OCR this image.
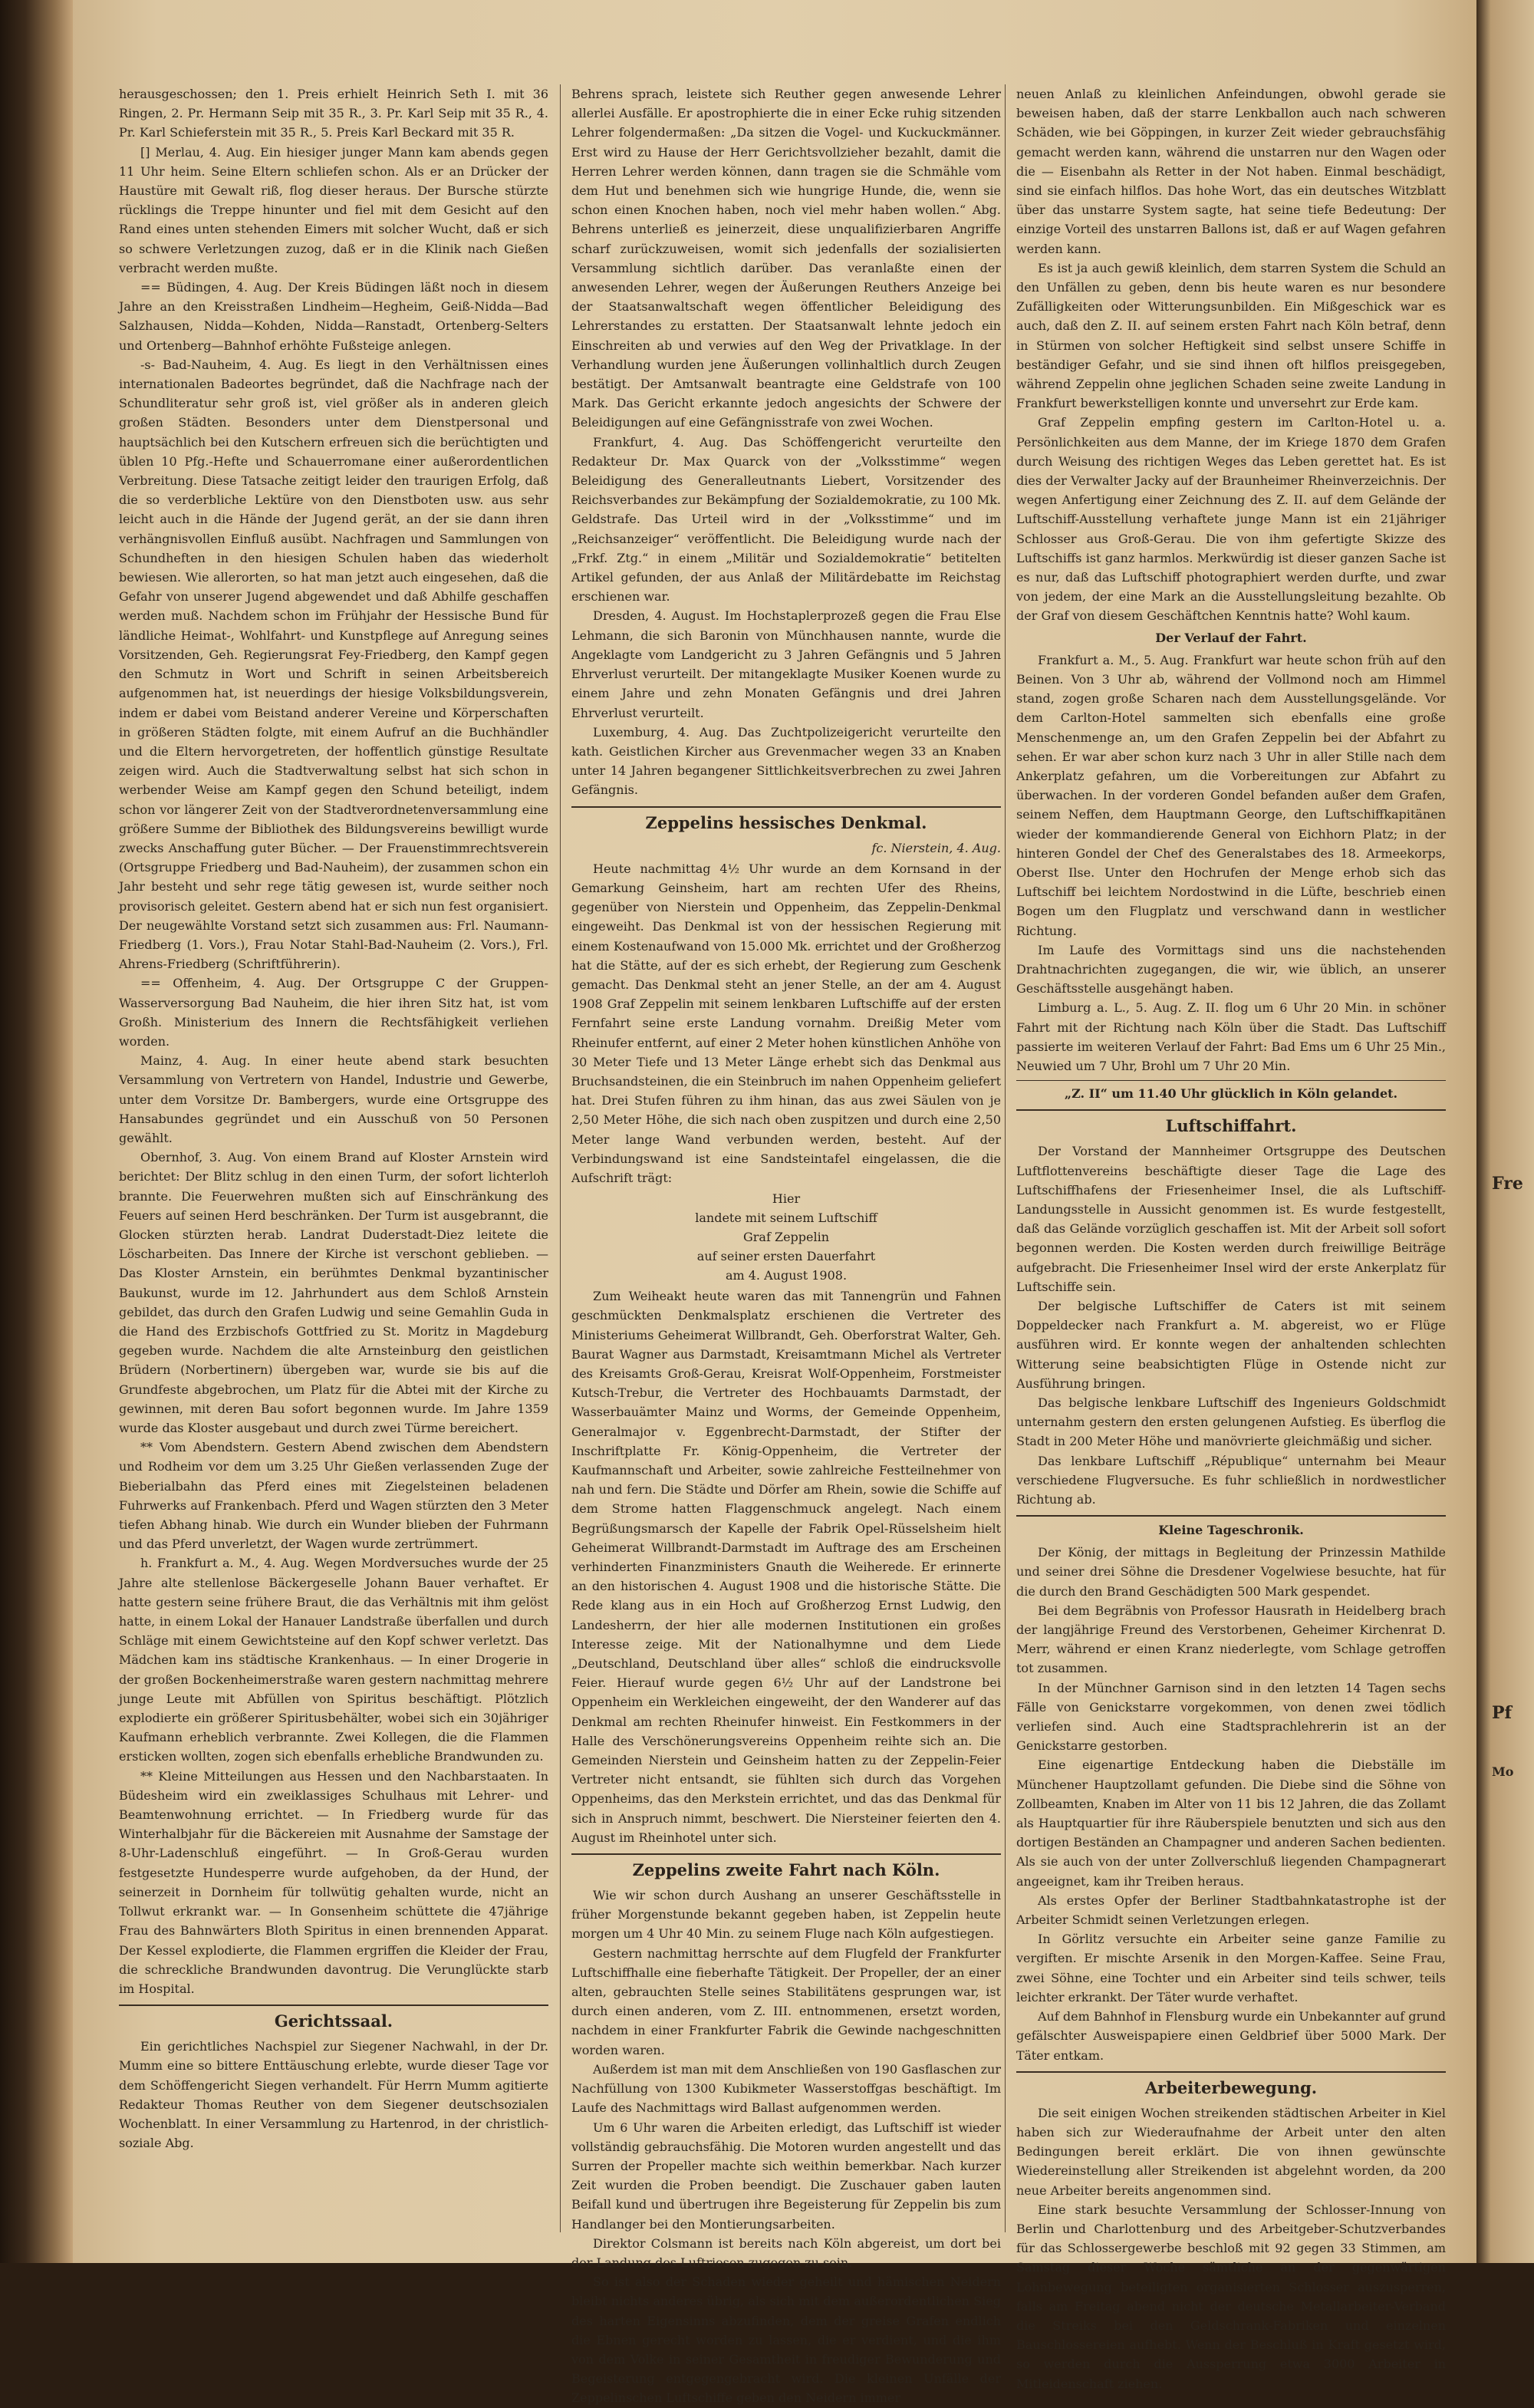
herausgeschossen; den 1. Preis erhielt Heinrich Seth I. mit 36 Ringen, 2. Pr. Hermann Seip mit 35 R., 3. Pr. Karl Seip mit 35 R., 4. Pr. Karl Schieferstein mit 35 R., 5. Preis Karl Beckard mit 35 R.

[] Merlau, 4. Aug. Ein hiesiger junger Mann kam abends gegen 11 Uhr heim. Seine Eltern schliefen schon. Als er an Drücker der Haustüre mit Gewalt riß, flog dieser heraus. Der Bursche stürzte rücklings die Treppe hinunter und fiel mit dem Gesicht auf den Rand eines unten stehenden Eimers mit solcher Wucht, daß er sich so schwere Verletzungen zuzog, daß er in die Klinik nach Gießen verbracht werden mußte.

== Büdingen, 4. Aug. Der Kreis Büdingen läßt noch in diesem Jahre an den Kreisstraßen Lindheim—Hegheim, Geiß-Nidda—Bad Salzhausen, Nidda—Kohden, Nidda—Ranstadt, Ortenberg-Selters und Ortenberg—Bahnhof erhöhte Fußsteige anlegen.

-s- Bad-Nauheim, 4. Aug. Es liegt in den Verhältnissen eines internationalen Badeortes begründet, daß die Nachfrage nach der Schundliteratur sehr groß ist, viel größer als in anderen gleich großen Städten. Besonders unter dem Dienstpersonal und hauptsächlich bei den Kutschern erfreuen sich die berüchtigten und üblen 10 Pfg.-Hefte und Schauerromane einer außerordentlichen Verbreitung. Diese Tatsache zeitigt leider den traurigen Erfolg, daß die so verderbliche Lektüre von den Dienstboten usw. aus sehr leicht auch in die Hände der Jugend gerät, an der sie dann ihren verhängnisvollen Einfluß ausübt. Nachfragen und Sammlungen von Schundheften in den hiesigen Schulen haben das wiederholt bewiesen. Wie allerorten, so hat man jetzt auch eingesehen, daß die Gefahr von unserer Jugend abgewendet und daß Abhilfe geschaffen werden muß. Nachdem schon im Frühjahr der Hessische Bund für ländliche Heimat-, Wohlfahrt- und Kunstpflege auf Anregung seines Vorsitzenden, Geh. Regierungsrat Fey-Friedberg, den Kampf gegen den Schmutz in Wort und Schrift in seinen Arbeitsbereich aufgenommen hat, ist neuerdings der hiesige Volksbildungsverein, indem er dabei vom Beistand anderer Vereine und Körperschaften in größeren Städten folgte, mit einem Aufruf an die Buchhändler und die Eltern hervorgetreten, der hoffentlich günstige Resultate zeigen wird. Auch die Stadtverwaltung selbst hat sich schon in werbender Weise am Kampf gegen den Schund beteiligt, indem schon vor längerer Zeit von der Stadtverordnetenversammlung eine größere Summe der Bibliothek des Bildungsvereins bewilligt wurde zwecks Anschaffung guter Bücher. — Der Frauenstimmrechtsverein (Ortsgruppe Friedberg und Bad-Nauheim), der zusammen schon ein Jahr besteht und sehr rege tätig gewesen ist, wurde seither noch provisorisch geleitet. Gestern abend hat er sich nun fest organisiert. Der neugewählte Vorstand setzt sich zusammen aus: Frl. Naumann-Friedberg (1. Vors.), Frau Notar Stahl-Bad-Nauheim (2. Vors.), Frl. Ahrens-Friedberg (Schriftführerin).

== Offenheim, 4. Aug. Der Ortsgruppe C der Gruppen-Wasserversorgung Bad Nauheim, die hier ihren Sitz hat, ist vom Großh. Ministerium des Innern die Rechtsfähigkeit verliehen worden.

Mainz, 4. Aug. In einer heute abend stark besuchten Versammlung von Vertretern von Handel, Industrie und Gewerbe, unter dem Vorsitze Dr. Bambergers, wurde eine Ortsgruppe des Hansabundes gegründet und ein Ausschuß von 50 Personen gewählt.

Obernhof, 3. Aug. Von einem Brand auf Kloster Arnstein wird berichtet: Der Blitz schlug in den einen Turm, der sofort lichterloh brannte. Die Feuerwehren mußten sich auf Einschränkung des Feuers auf seinen Herd beschränken. Der Turm ist ausgebrannt, die Glocken stürzten herab. Landrat Duderstadt-Diez leitete die Löscharbeiten. Das Innere der Kirche ist verschont geblieben. — Das Kloster Arnstein, ein berühmtes Denkmal byzantinischer Baukunst, wurde im 12. Jahrhundert aus dem Schloß Arnstein gebildet, das durch den Grafen Ludwig und seine Gemahlin Guda in die Hand des Erzbischofs Gottfried zu St. Moritz in Magdeburg gegeben wurde. Nachdem die alte Arnsteinburg den geistlichen Brüdern (Norbertinern) übergeben war, wurde sie bis auf die Grundfeste abgebrochen, um Platz für die Abtei mit der Kirche zu gewinnen, mit deren Bau sofort begonnen wurde. Im Jahre 1359 wurde das Kloster ausgebaut und durch zwei Türme bereichert.

** Vom Abendstern. Gestern Abend zwischen dem Abendstern und Rodheim vor dem um 3.25 Uhr Gießen verlassenden Zuge der Bieberialbahn das Pferd eines mit Ziegelsteinen beladenen Fuhrwerks auf Frankenbach. Pferd und Wagen stürzten den 3 Meter tiefen Abhang hinab. Wie durch ein Wunder blieben der Fuhrmann und das Pferd unverletzt, der Wagen wurde zertrümmert.

h. Frankfurt a. M., 4. Aug. Wegen Mordversuches wurde der 25 Jahre alte stellenlose Bäckergeselle Johann Bauer verhaftet. Er hatte gestern seine frühere Braut, die das Verhältnis mit ihm gelöst hatte, in einem Lokal der Hanauer Landstraße überfallen und durch Schläge mit einem Gewichtsteine auf den Kopf schwer verletzt. Das Mädchen kam ins städtische Krankenhaus. — In einer Drogerie in der großen Bockenheimerstraße waren gestern nachmittag mehrere junge Leute mit Abfüllen von Spiritus beschäftigt. Plötzlich explodierte ein größerer Spiritusbehälter, wobei sich ein 30jähriger Kaufmann erheblich verbrannte. Zwei Kollegen, die die Flammen ersticken wollten, zogen sich ebenfalls erhebliche Brandwunden zu.

** Kleine Mitteilungen aus Hessen und den Nachbarstaaten. In Büdesheim wird ein zweiklassiges Schulhaus mit Lehrer- und Beamtenwohnung errichtet. — In Friedberg wurde für das Winterhalbjahr für die Bäckereien mit Ausnahme der Samstage der 8-Uhr-Ladenschluß eingeführt. — In Groß-Gerau wurden festgesetzte Hundesperre wurde aufgehoben, da der Hund, der seinerzeit in Dornheim für tollwütig gehalten wurde, nicht an Tollwut erkrankt war. — In Gonsenheim schüttete die 47jährige Frau des Bahnwärters Bloth Spiritus in einen brennenden Apparat. Der Kessel explodierte, die Flammen ergriffen die Kleider der Frau, die schreckliche Brandwunden davontrug. Die Verunglückte starb im Hospital.

Gerichtssaal.

Ein gerichtliches Nachspiel zur Siegener Nachwahl, in der Dr. Mumm eine so bittere Enttäuschung erlebte, wurde dieser Tage vor dem Schöffengericht Siegen verhandelt. Für Herrn Mumm agitierte Redakteur Thomas Reuther von dem Siegener deutschsozialen Wochenblatt. In einer Versammlung zu Hartenrod, in der christlich-soziale Abg.

Behrens sprach, leistete sich Reuther gegen anwesende Lehrer allerlei Ausfälle. Er apostrophierte die in einer Ecke ruhig sitzenden Lehrer folgendermaßen: „Da sitzen die Vogel- und Kuckuckmänner. Erst wird zu Hause der Herr Gerichtsvollzieher bezahlt, damit die Herren Lehrer werden können, dann tragen sie die Schmähle vom dem Hut und benehmen sich wie hungrige Hunde, die, wenn sie schon einen Knochen haben, noch viel mehr haben wollen.“ Abg. Behrens unterließ es jeinerzeit, diese unqualifizierbaren Angriffe scharf zurückzuweisen, womit sich jedenfalls der sozialisierten Versammlung sichtlich darüber. Das veranlaßte einen der anwesenden Lehrer, wegen der Äußerungen Reuthers Anzeige bei der Staatsanwaltschaft wegen öffentlicher Beleidigung des Lehrerstandes zu erstatten. Der Staatsanwalt lehnte jedoch ein Einschreiten ab und verwies auf den Weg der Privatklage. In der Verhandlung wurden jene Äußerungen vollinhaltlich durch Zeugen bestätigt. Der Amtsanwalt beantragte eine Geldstrafe von 100 Mark. Das Gericht erkannte jedoch angesichts der Schwere der Beleidigungen auf eine Gefängnisstrafe von zwei Wochen.

Frankfurt, 4. Aug. Das Schöffengericht verurteilte den Redakteur Dr. Max Quarck von der „Volksstimme“ wegen Beleidigung des Generalleutnants Liebert, Vorsitzender des Reichsverbandes zur Bekämpfung der Sozialdemokratie, zu 100 Mk. Geldstrafe. Das Urteil wird in der „Volksstimme“ und im „Reichsanzeiger“ veröffentlicht. Die Beleidigung wurde nach der „Frkf. Ztg.“ in einem „Militär und Sozialdemokratie“ betitelten Artikel gefunden, der aus Anlaß der Militärdebatte im Reichstag erschienen war.

Dresden, 4. August. Im Hochstaplerprozeß gegen die Frau Else Lehmann, die sich Baronin von Münchhausen nannte, wurde die Angeklagte vom Landgericht zu 3 Jahren Gefängnis und 5 Jahren Ehrverlust verurteilt. Der mitangeklagte Musiker Koenen wurde zu einem Jahre und zehn Monaten Gefängnis und drei Jahren Ehrverlust verurteilt.

Luxemburg, 4. Aug. Das Zuchtpolizeigericht verurteilte den kath. Geistlichen Kircher aus Grevenmacher wegen 33 an Knaben unter 14 Jahren begangener Sittlichkeitsverbrechen zu zwei Jahren Gefängnis.

Zeppelins hessisches Denkmal.
fc. Nierstein, 4. Aug.

Heute nachmittag 4½ Uhr wurde an dem Kornsand in der Gemarkung Geinsheim, hart am rechten Ufer des Rheins, gegenüber von Nierstein und Oppenheim, das Zeppelin-Denkmal eingeweiht. Das Denkmal ist von der hessischen Regierung mit einem Kostenaufwand von 15.000 Mk. errichtet und der Großherzog hat die Stätte, auf der es sich erhebt, der Regierung zum Geschenk gemacht. Das Denkmal steht an jener Stelle, an der am 4. August 1908 Graf Zeppelin mit seinem lenkbaren Luftschiffe auf der ersten Fernfahrt seine erste Landung vornahm. Dreißig Meter vom Rheinufer entfernt, auf einer 2 Meter hohen künstlichen Anhöhe von 30 Meter Tiefe und 13 Meter Länge erhebt sich das Denkmal aus Bruchsandsteinen, die ein Steinbruch im nahen Oppenheim geliefert hat. Drei Stufen führen zu ihm hinan, das aus zwei Säulen von je 2,50 Meter Höhe, die sich nach oben zuspitzen und durch eine 2,50 Meter lange Wand verbunden werden, besteht. Auf der Verbindungswand ist eine Sandsteintafel eingelassen, die die Aufschrift trägt:

Hier
landete mit seinem Luftschiff
Graf Zeppelin
auf seiner ersten Dauerfahrt
am 4. August 1908.

Zum Weiheakt heute waren das mit Tannengrün und Fahnen geschmückten Denkmalsplatz erschienen die Vertreter des Ministeriums Geheimerat Willbrandt, Geh. Oberforstrat Walter, Geh. Baurat Wagner aus Darmstadt, Kreisamtmann Michel als Vertreter des Kreisamts Groß-Gerau, Kreisrat Wolf-Oppenheim, Forstmeister Kutsch-Trebur, die Vertreter des Hochbauamts Darmstadt, der Wasserbauämter Mainz und Worms, der Gemeinde Oppenheim, Generalmajor v. Eggenbrecht-Darmstadt, der Stifter der Inschriftplatte Fr. König-Oppenheim, die Vertreter der Kaufmannschaft und Arbeiter, sowie zahlreiche Festteilnehmer von nah und fern. Die Städte und Dörfer am Rhein, sowie die Schiffe auf dem Strome hatten Flaggenschmuck angelegt. Nach einem Begrüßungsmarsch der Kapelle der Fabrik Opel-Rüsselsheim hielt Geheimerat Willbrandt-Darmstadt im Auftrage des am Erscheinen verhinderten Finanzministers Gnauth die Weiherede. Er erinnerte an den historischen 4. August 1908 und die historische Stätte. Die Rede klang aus in ein Hoch auf Großherzog Ernst Ludwig, den Landesherrn, der hier alle modernen Institutionen ein großes Interesse zeige. Mit der Nationalhymne und dem Liede „Deutschland, Deutschland über alles“ schloß die eindrucksvolle Feier. Hierauf wurde gegen 6½ Uhr auf der Landstrone bei Oppenheim ein Werkleichen eingeweiht, der den Wanderer auf das Denkmal am rechten Rheinufer hinweist. Ein Festkommers in der Halle des Verschönerungsvereins Oppenheim reihte sich an. Die Gemeinden Nierstein und Geinsheim hatten zu der Zeppelin-Feier Vertreter nicht entsandt, sie fühlten sich durch das Vorgehen Oppenheims, das den Merkstein errichtet, und das das Denkmal für sich in Anspruch nimmt, beschwert. Die Niersteiner feierten den 4. August im Rheinhotel unter sich.

Zeppelins zweite Fahrt nach Köln.

Wie wir schon durch Aushang an unserer Geschäftsstelle in früher Morgenstunde bekannt gegeben haben, ist Zeppelin heute morgen um 4 Uhr 40 Min. zu seinem Fluge nach Köln aufgestiegen.

Gestern nachmittag herrschte auf dem Flugfeld der Frankfurter Luftschiffhalle eine fieberhafte Tätigkeit. Der Propeller, der an einer alten, gebrauchten Stelle seines Stabilitätens gesprungen war, ist durch einen anderen, vom Z. III. entnommenen, ersetzt worden, nachdem in einer Frankfurter Fabrik die Gewinde nachgeschnitten worden waren.

Außerdem ist man mit dem Anschließen von 190 Gasflaschen zur Nachfüllung von 1300 Kubikmeter Wasserstoffgas beschäftigt. Im Laufe des Nachmittags wird Ballast aufgenommen werden.

Um 6 Uhr waren die Arbeiten erledigt, das Luftschiff ist wieder vollständig gebrauchsfähig. Die Motoren wurden angestellt und das Surren der Propeller machte sich weithin bemerkbar. Nach kurzer Zeit wurden die Proben beendigt. Die Zuschauer gaben lauten Beifall kund und übertrugen ihre Begeisterung für Zeppelin bis zum Handlanger bei den Montierungsarbeiten.

Direktor Colsmann ist bereits nach Köln abgereist, um dort bei der Landung des Luftriesen zugegen zu sein.

So ist also der Schaden wieder geheilt und hämischen Neidern bleibt nichts anderes übrig, als sich mit dem außerordentlichen Sieg des harten Eigensinns abzufinden, dem der greise Grafen endlich die Ebnen gerecht worden zu lassen, die er verdient, und die ihm von dem Volke in seiner Gesamtheit in freudiger Bewunderung und Begeisterung entgegengebracht wird. Die kleinen Unfälle der Zeppelinschen Luftschiffe geben den Neidern immer

neuen Anlaß zu kleinlichen Anfeindungen, obwohl gerade sie beweisen haben, daß der starre Lenkballon auch nach schweren Schäden, wie bei Göppingen, in kurzer Zeit wieder gebrauchsfähig gemacht werden kann, während die unstarren nur den Wagen oder die — Eisenbahn als Retter in der Not haben. Einmal beschädigt, sind sie einfach hilflos. Das hohe Wort, das ein deutsches Witzblatt über das unstarre System sagte, hat seine tiefe Bedeutung: Der einzige Vorteil des unstarren Ballons ist, daß er auf Wagen gefahren werden kann.

Es ist ja auch gewiß kleinlich, dem starren System die Schuld an den Unfällen zu geben, denn bis heute waren es nur besondere Zufälligkeiten oder Witterungsunbilden. Ein Mißgeschick war es auch, daß den Z. II. auf seinem ersten Fahrt nach Köln betraf, denn in Stürmen von solcher Heftigkeit sind selbst unsere Schiffe in beständiger Gefahr, und sie sind ihnen oft hilflos preisgegeben, während Zeppelin ohne jeglichen Schaden seine zweite Landung in Frankfurt bewerkstelligen konnte und unversehrt zur Erde kam.

Graf Zeppelin empfing gestern im Carlton-Hotel u. a. Persönlichkeiten aus dem Manne, der im Kriege 1870 dem Grafen durch Weisung des richtigen Weges das Leben gerettet hat. Es ist dies der Verwalter Jacky auf der Braunheimer Rheinverzeichnis. Der wegen Anfertigung einer Zeichnung des Z. II. auf dem Gelände der Luftschiff-Ausstellung verhaftete junge Mann ist ein 21jähriger Schlosser aus Groß-Gerau. Die von ihm gefertigte Skizze des Luftschiffs ist ganz harmlos. Merkwürdig ist dieser ganzen Sache ist es nur, daß das Luftschiff photographiert werden durfte, und zwar von jedem, der eine Mark an die Ausstellungsleitung bezahlte. Ob der Graf von diesem Geschäftchen Kenntnis hatte? Wohl kaum.

Der Verlauf der Fahrt.

Frankfurt a. M., 5. Aug. Frankfurt war heute schon früh auf den Beinen. Von 3 Uhr ab, während der Vollmond noch am Himmel stand, zogen große Scharen nach dem Ausstellungsgelände. Vor dem Carlton-Hotel sammelten sich ebenfalls eine große Menschenmenge an, um den Grafen Zeppelin bei der Abfahrt zu sehen. Er war aber schon kurz nach 3 Uhr in aller Stille nach dem Ankerplatz gefahren, um die Vorbereitungen zur Abfahrt zu überwachen. In der vorderen Gondel befanden außer dem Grafen, seinem Neffen, dem Hauptmann George, den Luftschiffkapitänen wieder der kommandierende General von Eichhorn Platz; in der hinteren Gondel der Chef des Generalstabes des 18. Armeekorps, Oberst Ilse. Unter den Hochrufen der Menge erhob sich das Luftschiff bei leichtem Nordostwind in die Lüfte, beschrieb einen Bogen um den Flugplatz und verschwand dann in westlicher Richtung.

Im Laufe des Vormittags sind uns die nachstehenden Drahtnachrichten zugegangen, die wir, wie üblich, an unserer Geschäftsstelle ausgehängt haben.

Limburg a. L., 5. Aug. Z. II. flog um 6 Uhr 20 Min. in schöner Fahrt mit der Richtung nach Köln über die Stadt. Das Luftschiff passierte im weiteren Verlauf der Fahrt: Bad Ems um 6 Uhr 25 Min., Neuwied um 7 Uhr, Brohl um 7 Uhr 20 Min.

„Z. II“ um 11.40 Uhr glücklich in Köln gelandet.

Luftschiffahrt.

Der Vorstand der Mannheimer Ortsgruppe des Deutschen Luftflottenvereins beschäftigte dieser Tage die Lage des Luftschiffhafens der Friesenheimer Insel, die als Luftschiff-Landungsstelle in Aussicht genommen ist. Es wurde festgestellt, daß das Gelände vorzüglich geschaffen ist. Mit der Arbeit soll sofort begonnen werden. Die Kosten werden durch freiwillige Beiträge aufgebracht. Die Friesenheimer Insel wird der erste Ankerplatz für Luftschiffe sein.

Der belgische Luftschiffer de Caters ist mit seinem Doppeldecker nach Frankfurt a. M. abgereist, wo er Flüge ausführen wird. Er konnte wegen der anhaltenden schlechten Witterung seine beabsichtigten Flüge in Ostende nicht zur Ausführung bringen.

Das belgische lenkbare Luftschiff des Ingenieurs Goldschmidt unternahm gestern den ersten gelungenen Aufstieg. Es überflog die Stadt in 200 Meter Höhe und manövrierte gleichmäßig und sicher.

Das lenkbare Luftschiff „République“ unternahm bei Meaur verschiedene Flugversuche. Es fuhr schließlich in nordwestlicher Richtung ab.

Kleine Tageschronik.

Der König, der mittags in Begleitung der Prinzessin Mathilde und seiner drei Söhne die Dresdener Vogelwiese besuchte, hat für die durch den Brand Geschädigten 500 Mark gespendet.

Bei dem Begräbnis von Professor Hausrath in Heidelberg brach der langjährige Freund des Verstorbenen, Geheimer Kirchenrat D. Merr, während er einen Kranz niederlegte, vom Schlage getroffen tot zusammen.

In der Münchner Garnison sind in den letzten 14 Tagen sechs Fälle von Genickstarre vorgekommen, von denen zwei tödlich verliefen sind. Auch eine Stadtsprachlehrerin ist an der Genickstarre gestorben.

Eine eigenartige Entdeckung haben die Diebställe im Münchener Hauptzollamt gefunden. Die Diebe sind die Söhne von Zollbeamten, Knaben im Alter von 11 bis 12 Jahren, die das Zollamt als Hauptquartier für ihre Räuberspiele benutzten und sich aus den dortigen Beständen an Champagner und anderen Sachen bedienten. Als sie auch von der unter Zollverschluß liegenden Champagnerart angeeignet, kam ihr Treiben heraus.

Als erstes Opfer der Berliner Stadtbahnkatastrophe ist der Arbeiter Schmidt seinen Verletzungen erlegen.

In Görlitz versuchte ein Arbeiter seine ganze Familie zu vergiften. Er mischte Arsenik in den Morgen-Kaffee. Seine Frau, zwei Söhne, eine Tochter und ein Arbeiter sind teils schwer, teils leichter erkrankt. Der Täter wurde verhaftet.

Auf dem Bahnhof in Flensburg wurde ein Unbekannter auf grund gefälschter Ausweispapiere einen Geldbrief über 5000 Mark. Der Täter entkam.

Arbeiterbewegung.

Die seit einigen Wochen streikenden städtischen Arbeiter in Kiel haben sich zur Wiederaufnahme der Arbeit unter den alten Bedingungen bereit erklärt. Die von ihnen gewünschte Wiedereinstellung aller Streikenden ist abgelehnt worden, da 200 neue Arbeiter bereits angenommen sind.

Eine stark besuchte Versammlung der Schlosser-Innung von Berlin und Charlottenburg und des Arbeitgeber-Schutzverbandes für das Schlossergewerbe beschloß mit 92 gegen 33 Stimmen, am Samstag dieser Woche sämtliche an der gegenwärtigen Lohnbewegung beteiligten organisierten Schlosser auszusperren, falls am Freitag abend nicht der deutsche Metallarbeiter-Verband die Streiks bei den Geldschrank-Fabriken und einzelnen Bauschlossereien aufhebt. Wenn der Beschluß in Kraft gesetzt wird, so werden durch die Aussperrung etwa 3000 Arbeiter in Mitleidenschaft ziehen.

Fre
Pf
Mo
